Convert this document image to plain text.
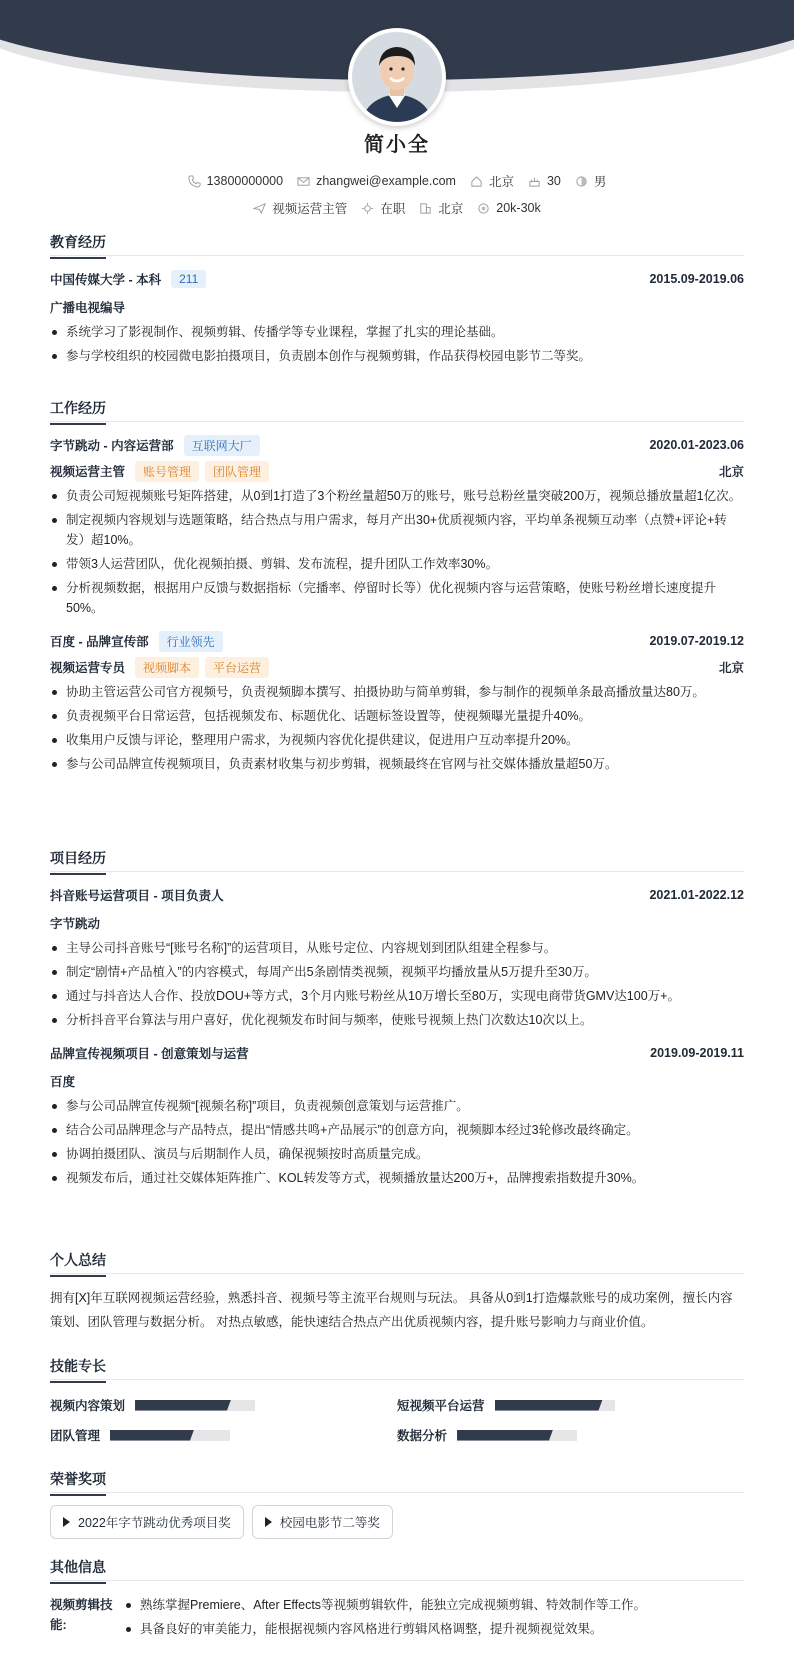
简小全
13800000000	zhangwei@example.com	北京	30	男
视频运营主管	在职	北京	20k-30k
教育经历
中国传媒大学 - 本科	211	2015.09-2019.06
广播电视编导
系统学习了影视制作、视频剪辑、传播学等专业课程，掌握了扎实的理论基础。
参与学校组织的校园微电影拍摄项目，负责剧本创作与视频剪辑，作品获得校园电影节二等奖。
工作经历
字节跳动 - 内容运营部	互联网大厂	2020.01-2023.06
视频运营主管	账号管理	团队管理	北京
负责公司短视频账号矩阵搭建，从0到1打造了3个粉丝量超50万的账号，账号总粉丝量突破200万，视频总播放量超1亿次。
制定视频内容规划与选题策略，结合热点与用户需求，每月产出30+优质视频内容，平均单条视频互动率（点赞+评论+转发）超10%。
带领3人运营团队，优化视频拍摄、剪辑、发布流程，提升团队工作效率30%。
分析视频数据，根据用户反馈与数据指标（完播率、停留时长等）优化视频内容与运营策略，使账号粉丝增长速度提升50%。
百度 - 品牌宣传部	行业领先	2019.07-2019.12
视频运营专员	视频脚本	平台运营	北京
协助主管运营公司官方视频号，负责视频脚本撰写、拍摄协助与简单剪辑，参与制作的视频单条最高播放量达80万。
负责视频平台日常运营，包括视频发布、标题优化、话题标签设置等，使视频曝光量提升40%。
收集用户反馈与评论，整理用户需求，为视频内容优化提供建议，促进用户互动率提升20%。
参与公司品牌宣传视频项目，负责素材收集与初步剪辑，视频最终在官网与社交媒体播放量超50万。
项目经历
抖音账号运营项目 - 项目负责人	2021.01-2022.12
字节跳动
主导公司抖音账号“[账号名称]”的运营项目，从账号定位、内容规划到团队组建全程参与。
制定“剧情+产品植入”的内容模式，每周产出5条剧情类视频，视频平均播放量从5万提升至30万。
通过与抖音达人合作、投放DOU+等方式，3个月内账号粉丝从10万增长至80万，实现电商带货GMV达100万+。
分析抖音平台算法与用户喜好，优化视频发布时间与频率，使账号视频上热门次数达10次以上。
品牌宣传视频项目 - 创意策划与运营	2019.09-2019.11
百度
参与公司品牌宣传视频“[视频名称]”项目，负责视频创意策划与运营推广。
结合公司品牌理念与产品特点，提出“情感共鸣+产品展示”的创意方向，视频脚本经过3轮修改最终确定。
协调拍摄团队、演员与后期制作人员，确保视频按时高质量完成。
视频发布后，通过社交媒体矩阵推广、KOL转发等方式，视频播放量达200万+，品牌搜索指数提升30%。
个人总结
拥有[X]年互联网视频运营经验，熟悉抖音、视频号等主流平台规则与玩法。 具备从0到1打造爆款账号的成功案例，擅长内容策划、团队管理与数据分析。 对热点敏感，能快速结合热点产出优质视频内容，提升账号影响力与商业价值。
技能专长
视频内容策划	短视频平台运营
团队管理	数据分析
荣誉奖项
2022年字节跳动优秀项目奖	校园电影节二等奖
其他信息
视频剪辑技能:
熟练掌握Premiere、After Effects等视频剪辑软件，能独立完成视频剪辑、特效制作等工作。
具备良好的审美能力，能根据视频内容风格进行剪辑风格调整，提升视频视觉效果。
